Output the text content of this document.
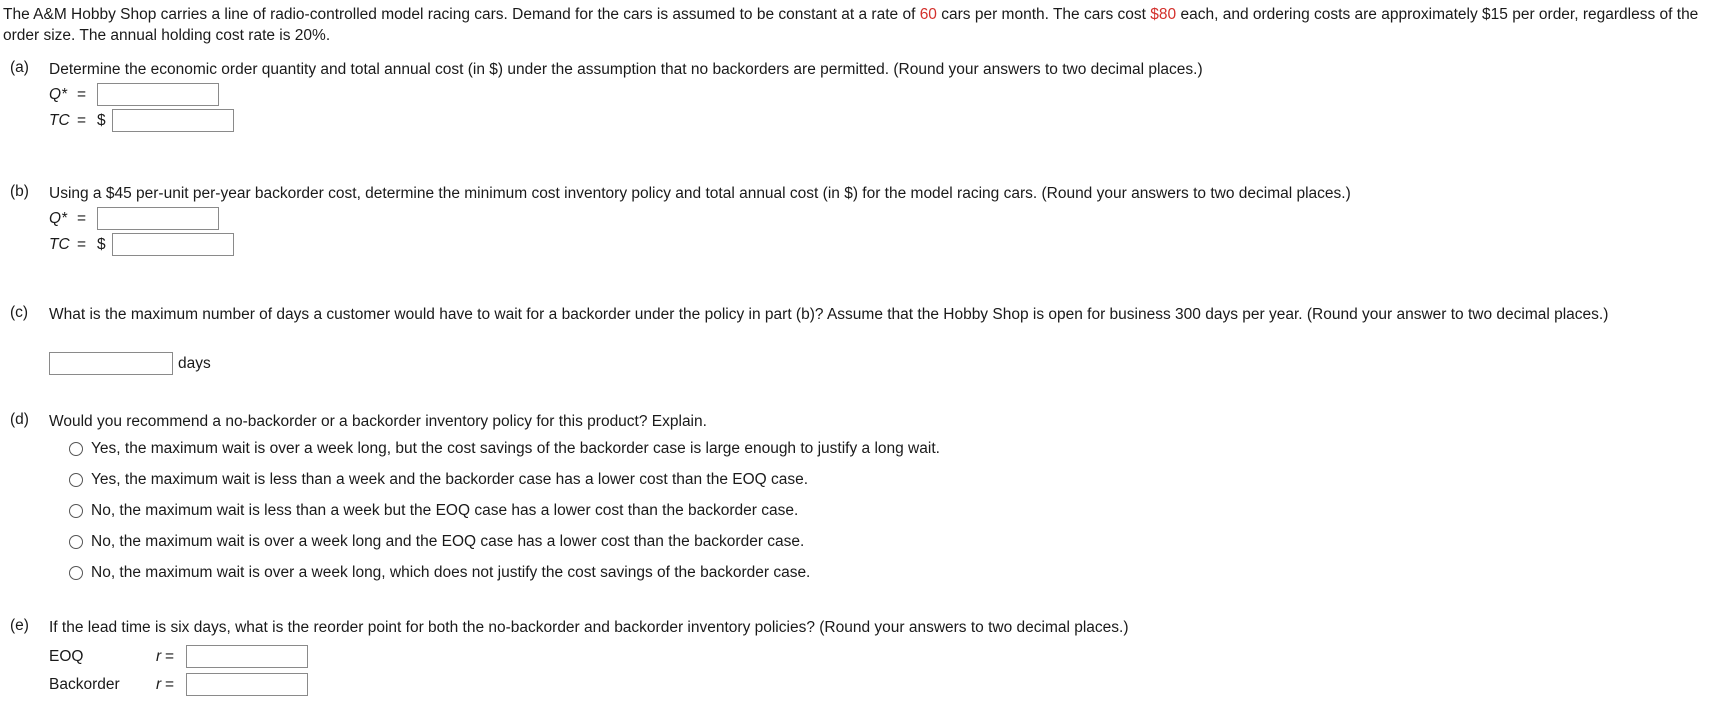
The A&M Hobby Shop carries a line of radio-controlled model racing cars. Demand for the cars is assumed to be constant at a rate of 60 cars per month. The cars cost $80 each, and ordering costs are approximately $15 per order, regardless of the order size. The annual holding cost rate is 20%.
(a) Determine the economic order quantity and total annual cost (in $) under the assumption that no backorders are permitted. (Round your answers to two decimal places.)
Q* =
TC = $
(b) Using a $45 per-unit per-year backorder cost, determine the minimum cost inventory policy and total annual cost (in $) for the model racing cars. (Round your answers to two decimal places.)
Q* =
TC = $
(c) What is the maximum number of days a customer would have to wait for a backorder under the policy in part (b)? Assume that the Hobby Shop is open for business 300 days per year. (Round your answer to two decimal places.)
days
(d) Would you recommend a no-backorder or a backorder inventory policy for this product? Explain.
Yes, the maximum wait is over a week long, but the cost savings of the backorder case is large enough to justify a long wait.
Yes, the maximum wait is less than a week and the backorder case has a lower cost than the EOQ case.
No, the maximum wait is less than a week but the EOQ case has a lower cost than the backorder case.
No, the maximum wait is over a week long and the EOQ case has a lower cost than the backorder case.
No, the maximum wait is over a week long, which does not justify the cost savings of the backorder case.
(e) If the lead time is six days, what is the reorder point for both the no-backorder and backorder inventory policies? (Round your answers to two decimal places.)
EOQ	r =
Backorder	r =
